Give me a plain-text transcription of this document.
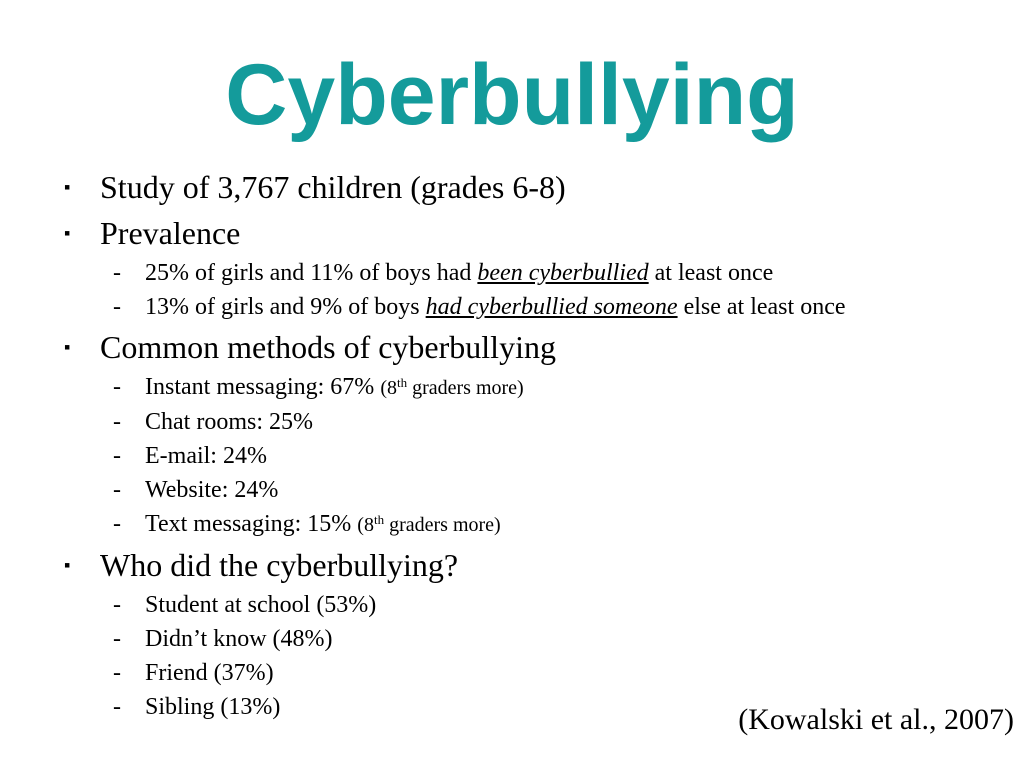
Cyberbullying
▪ Study of 3,767 children (grades 6-8)
▪ Prevalence
- 25% of girls and 11% of boys had been cyberbullied at least once
- 13% of girls and 9% of boys had cyberbullied someone else at least once
▪ Common methods of cyberbullying
- Instant messaging: 67% (8th graders more)
- Chat rooms: 25%
- E-mail: 24%
- Website: 24%
- Text messaging: 15% (8th graders more)
▪ Who did the cyberbullying?
- Student at school (53%)
- Didn’t know (48%)
- Friend (37%)
- Sibling (13%)	(Kowalski et al., 2007)
